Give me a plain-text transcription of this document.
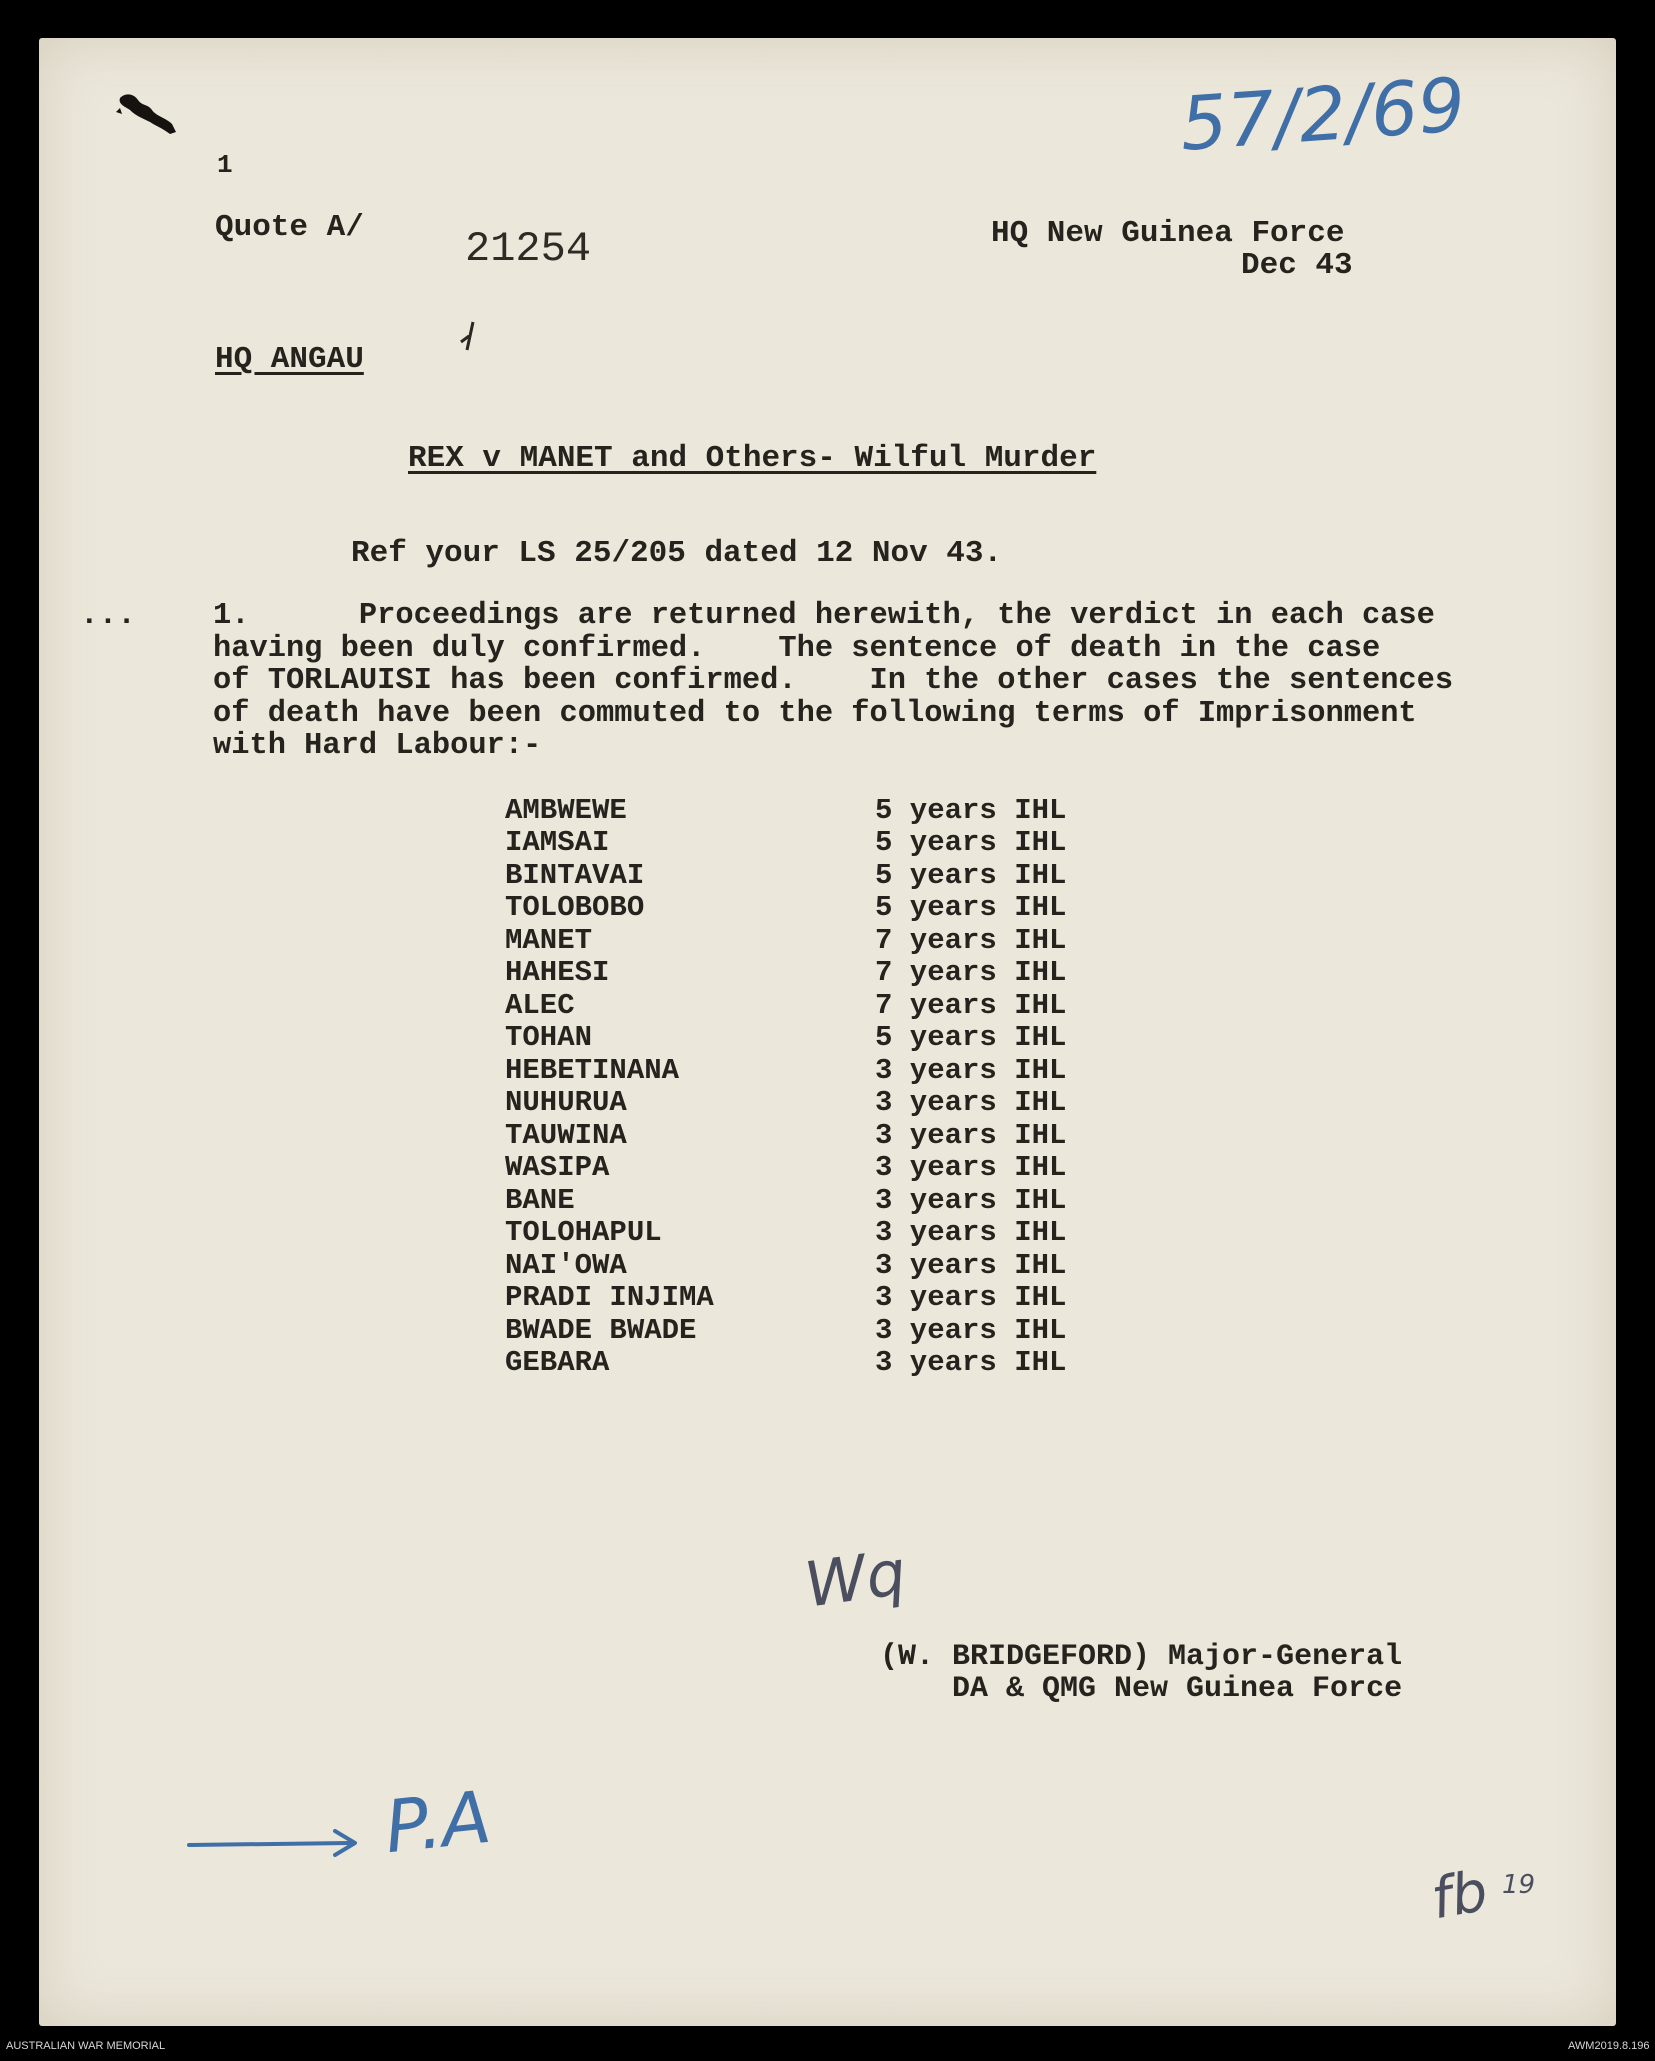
1
Quote A/ 21254
57/2/69
HQ New Guinea Force
Dec 43
HQ ANGAU
REX v MANET and Others- Wilful Murder
Ref your LS 25/205 dated 12 Nov 43.
...	1.      Proceedings are returned herewith, the verdict in each case
having been duly confirmed.    The sentence of death in the case
of TORLAUISI has been confirmed.    In the other cases the sentences
of death have been commuted to the following terms of Imprisonment
with Hard Labour:-
AMBWEWE	5 years IHL
IAMSAI	5 years IHL
BINTAVAI	5 years IHL
TOLOBOBO	5 years IHL
MANET	7 years IHL
HAHESI	7 years IHL
ALEC	7 years IHL
TOHAN	5 years IHL
HEBETINANA	3 years IHL
NUHURUA	3 years IHL
TAUWINA	3 years IHL
WASIPA	3 years IHL
BANE	3 years IHL
TOLOHAPUL	3 years IHL
NAI'OWA	3 years IHL
PRADI INJIMA	3 years IHL
BWADE BWADE	3 years IHL
GEBARA	3 years IHL
Wq
(W. BRIDGEFORD) Major-General
DA & QMG New Guinea Force
P.A
fb 19
AUSTRALIAN WAR MEMORIAL	AWM2019.8.196
